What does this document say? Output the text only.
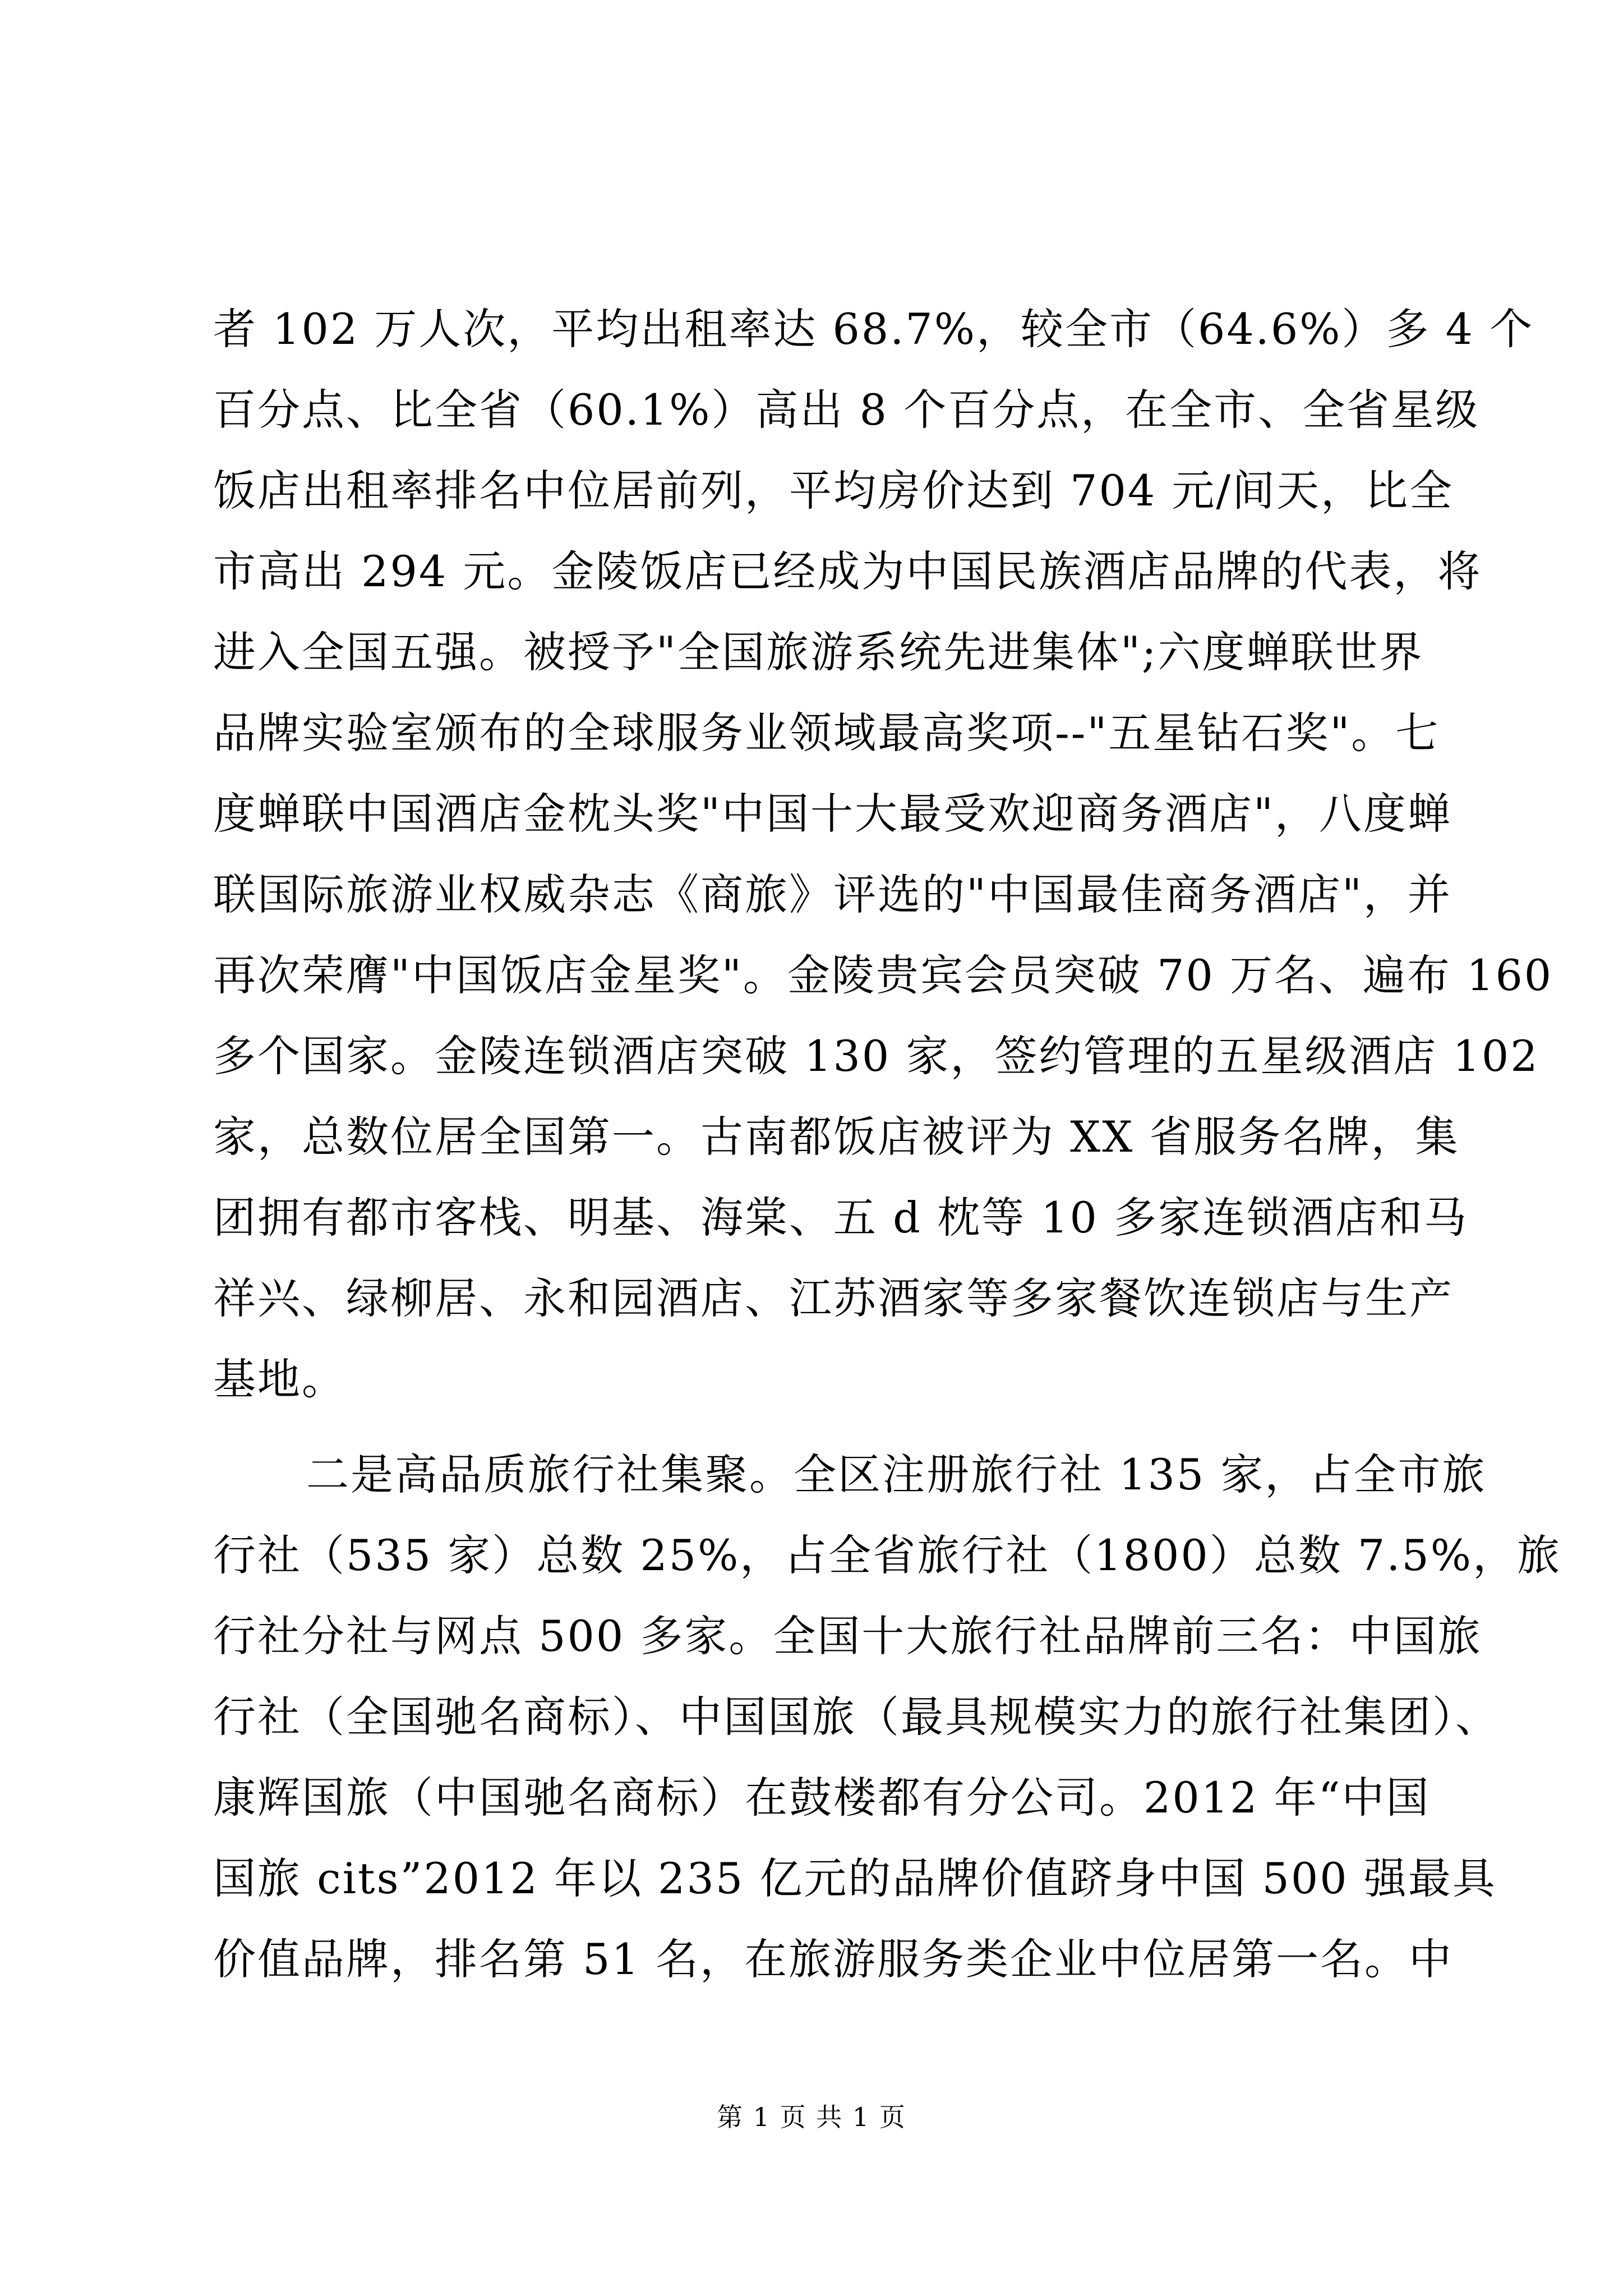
者 102 万人次，平均出租率达 68.7%，较全市（64.6%）多 4 个
百分点、比全省（60.1%）高出 8 个百分点，在全市、全省星级
饭店出租率排名中位居前列，平均房价达到 704 元/间天，比全
市高出 294 元。金陵饭店已经成为中国民族酒店品牌的代表，将
进入全国五强。被授予"全国旅游系统先进集体";六度蝉联世界
品牌实验室颁布的全球服务业领域最高奖项--"五星钻石奖"。七
度蝉联中国酒店金枕头奖"中国十大最受欢迎商务酒店"，八度蝉
联国际旅游业权威杂志《商旅》评选的"中国最佳商务酒店"，并
再次荣膺"中国饭店金星奖"。金陵贵宾会员突破 70 万名、遍布 160
多个国家。金陵连锁酒店突破 130 家，签约管理的五星级酒店 102
家，总数位居全国第一。古南都饭店被评为 XX 省服务名牌，集
团拥有都市客栈、明基、海棠、五 d 枕等 10 多家连锁酒店和马
祥兴、绿柳居、永和园酒店、江苏酒家等多家餐饮连锁店与生产
基地。
二是高品质旅行社集聚。全区注册旅行社 135 家，占全市旅
行社（535 家）总数 25%，占全省旅行社（1800）总数 7.5%，旅
行社分社与网点 500 多家。全国十大旅行社品牌前三名：中国旅
行社（全国驰名商标）、中国国旅（最具规模实力的旅行社集团）、
康辉国旅（中国驰名商标）在鼓楼都有分公司。2012 年“中国
国旅 cits”2012 年以 235 亿元的品牌价值跻身中国 500 强最具
价值品牌，排名第 51 名，在旅游服务类企业中位居第一名。中
第 1 页 共 1 页
